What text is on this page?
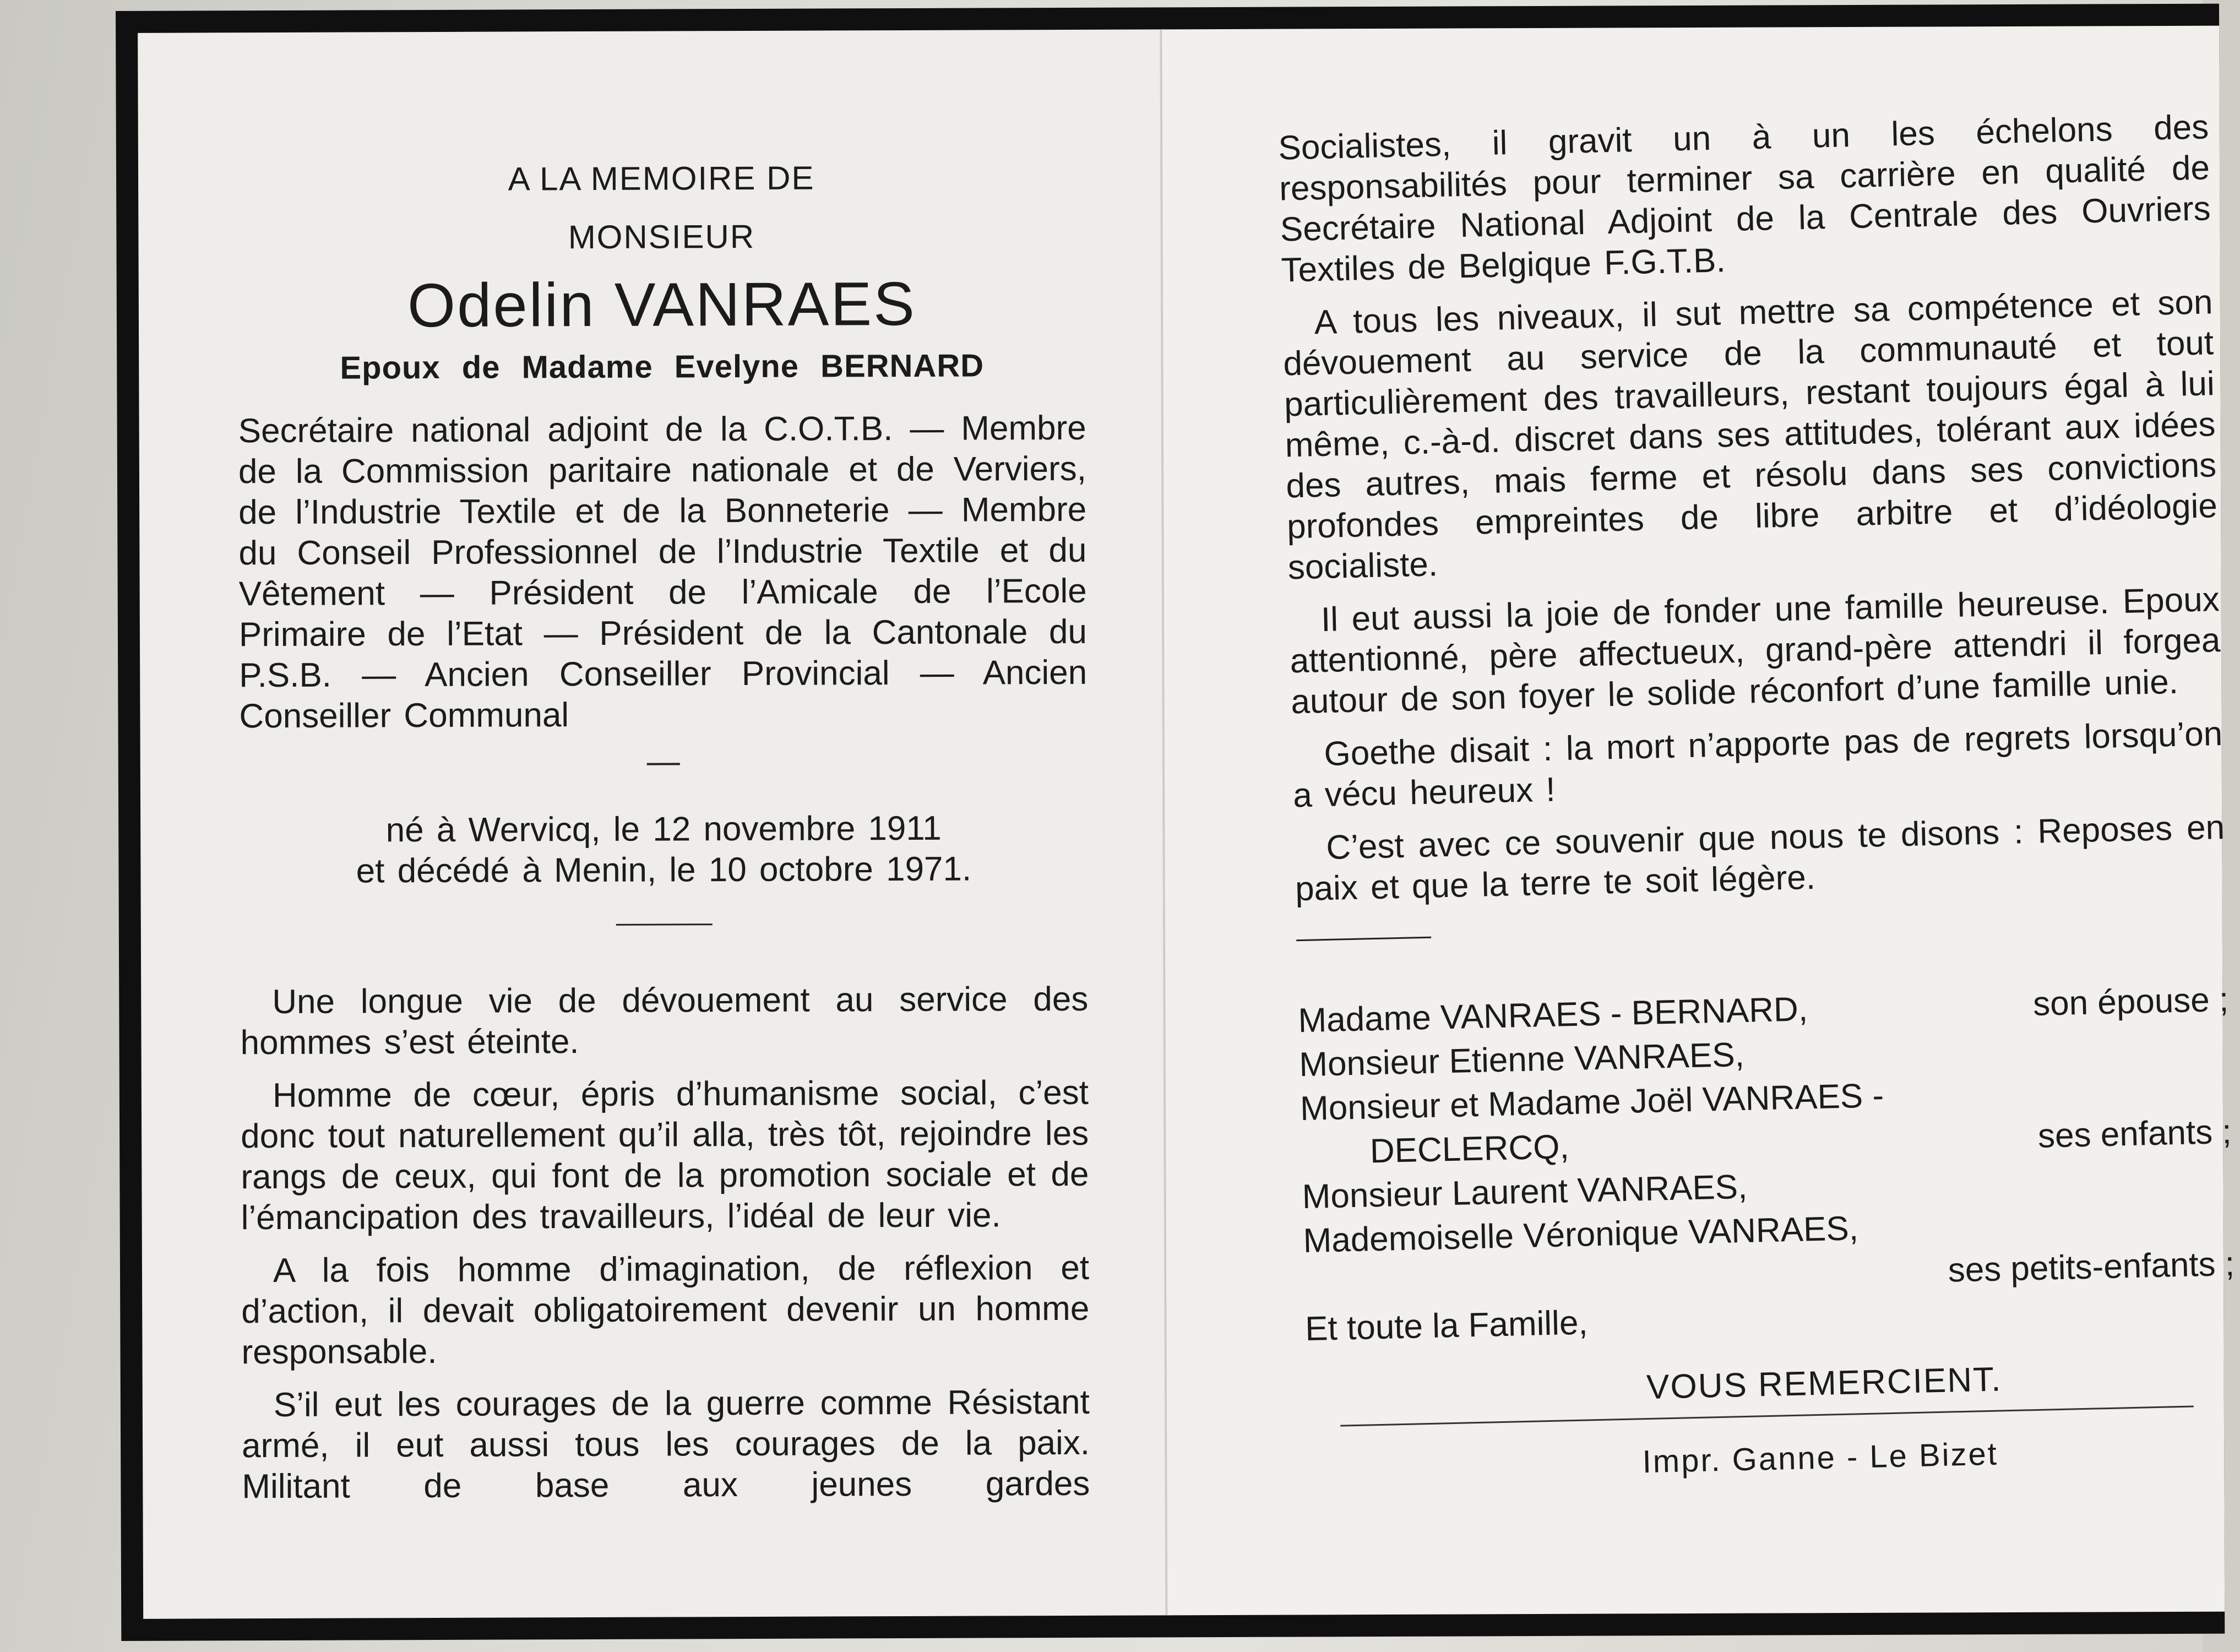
A LA MEMOIRE DE
MONSIEUR
Odelin VANRAES
Epoux de Madame Evelyne BERNARD
Secrétaire national adjoint de la C.O.T.B. — Membre de la Commission paritaire nationale et de Verviers, de l’Industrie Textile et de la Bonneterie — Membre du Conseil Professionnel de l’Industrie Textile et du Vêtement — Président de l’Amicale de l’Ecole Primaire de l’Etat — Président de la Cantonale du P.S.B. — Ancien Conseiller Provincial — Ancien Conseiller Communal
né à Wervicq, le 12 novembre 1911
et décédé à Menin, le 10 octobre 1971.

Une longue vie de dévouement au service des hommes s’est éteinte.

Homme de cœur, épris d’humanisme social, c’est donc tout naturellement qu’il alla, très tôt, rejoindre les rangs de ceux, qui font de la promotion sociale et de l’émancipation des travailleurs, l’idéal de leur vie.

A la fois homme d’imagination, de réflexion et d’action, il devait obligatoirement devenir un homme responsable.

S’il eut les courages de la guerre comme Résistant armé, il eut aussi tous les courages de la paix. Militant de base aux jeunes gardes

Socialistes, il gravit un à un les échelons des responsabilités pour terminer sa carrière en qualité de Secrétaire National Adjoint de la Centrale des Ouvriers Textiles de Belgique F.G.T.B.

A tous les niveaux, il sut mettre sa compétence et son dévouement au service de la communauté et tout particulièrement des travailleurs, restant toujours égal à lui même, c.-à-d. discret dans ses attitudes, tolérant aux idées des autres, mais ferme et résolu dans ses convictions profondes empreintes de libre arbitre et d’idéologie socialiste.

Il eut aussi la joie de fonder une famille heureuse. Epoux attentionné, père affectueux, grand-père attendri il forgea autour de son foyer le solide réconfort d’une famille unie.

Goethe disait : la mort n’apporte pas de regrets lorsqu’on a vécu heureux !

C’est avec ce souvenir que nous te disons : Reposes en paix et que la terre te soit légère.

Madame VANRAES - BERNARD,	son épouse ;
Monsieur Etienne VANRAES,
Monsieur et Madame Joël VANRAES -
DECLERCQ,	ses enfants ;
Monsieur Laurent VANRAES,
Mademoiselle Véronique VANRAES,
ses petits-enfants ;
Et toute la Famille,
VOUS REMERCIENT.
Impr. Ganne - Le Bizet
